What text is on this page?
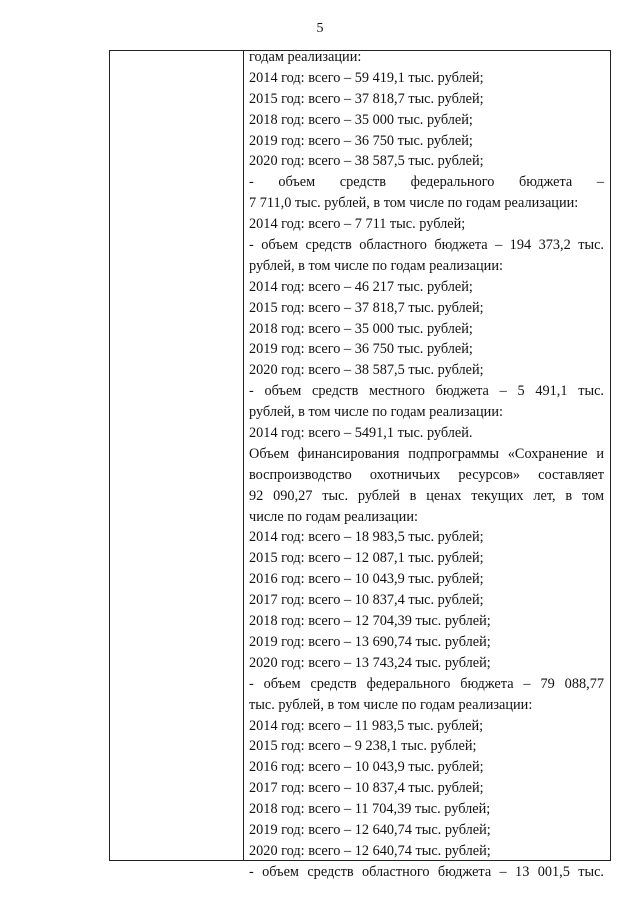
5
годам реализации:
2014 год: всего – 59 419,1 тыс. рублей;
2015 год: всего – 37 818,7 тыс. рублей;
2018 год: всего – 35 000 тыс. рублей;
2019 год: всего – 36 750 тыс. рублей;
2020 год: всего – 38 587,5 тыс. рублей;
- объем средств федерального бюджета –
7 711,0 тыс. рублей, в том числе по годам реализации:
2014 год: всего – 7 711 тыс. рублей;
- объем средств областного бюджета – 194 373,2 тыс.
рублей, в том числе по годам реализации:
2014 год: всего – 46 217 тыс. рублей;
2015 год: всего – 37 818,7 тыс. рублей;
2018 год: всего – 35 000 тыс. рублей;
2019 год: всего – 36 750 тыс. рублей;
2020 год: всего – 38 587,5 тыс. рублей;
- объем средств местного бюджета – 5 491,1 тыс.
рублей, в том числе по годам реализации:
2014 год: всего – 5491,1 тыс. рублей.
Объем финансирования подпрограммы «Сохранение и
воспроизводство охотничьих ресурсов» составляет
92 090,27 тыс. рублей в ценах текущих лет, в том
числе по годам реализации:
2014 год: всего – 18 983,5 тыс. рублей;
2015 год: всего – 12 087,1 тыс. рублей;
2016 год: всего – 10 043,9 тыс. рублей;
2017 год: всего – 10 837,4 тыс. рублей;
2018 год: всего – 12 704,39 тыс. рублей;
2019 год: всего – 13 690,74 тыс. рублей;
2020 год: всего – 13 743,24 тыс. рублей;
- объем средств федерального бюджета – 79 088,77
тыс. рублей, в том числе по годам реализации:
2014 год: всего – 11 983,5 тыс. рублей;
2015 год: всего – 9 238,1 тыс. рублей;
2016 год: всего – 10 043,9 тыс. рублей;
2017 год: всего – 10 837,4 тыс. рублей;
2018 год: всего – 11 704,39 тыс. рублей;
2019 год: всего – 12 640,74 тыс. рублей;
2020 год: всего – 12 640,74 тыс. рублей;
- объем средств областного бюджета – 13 001,5 тыс.
